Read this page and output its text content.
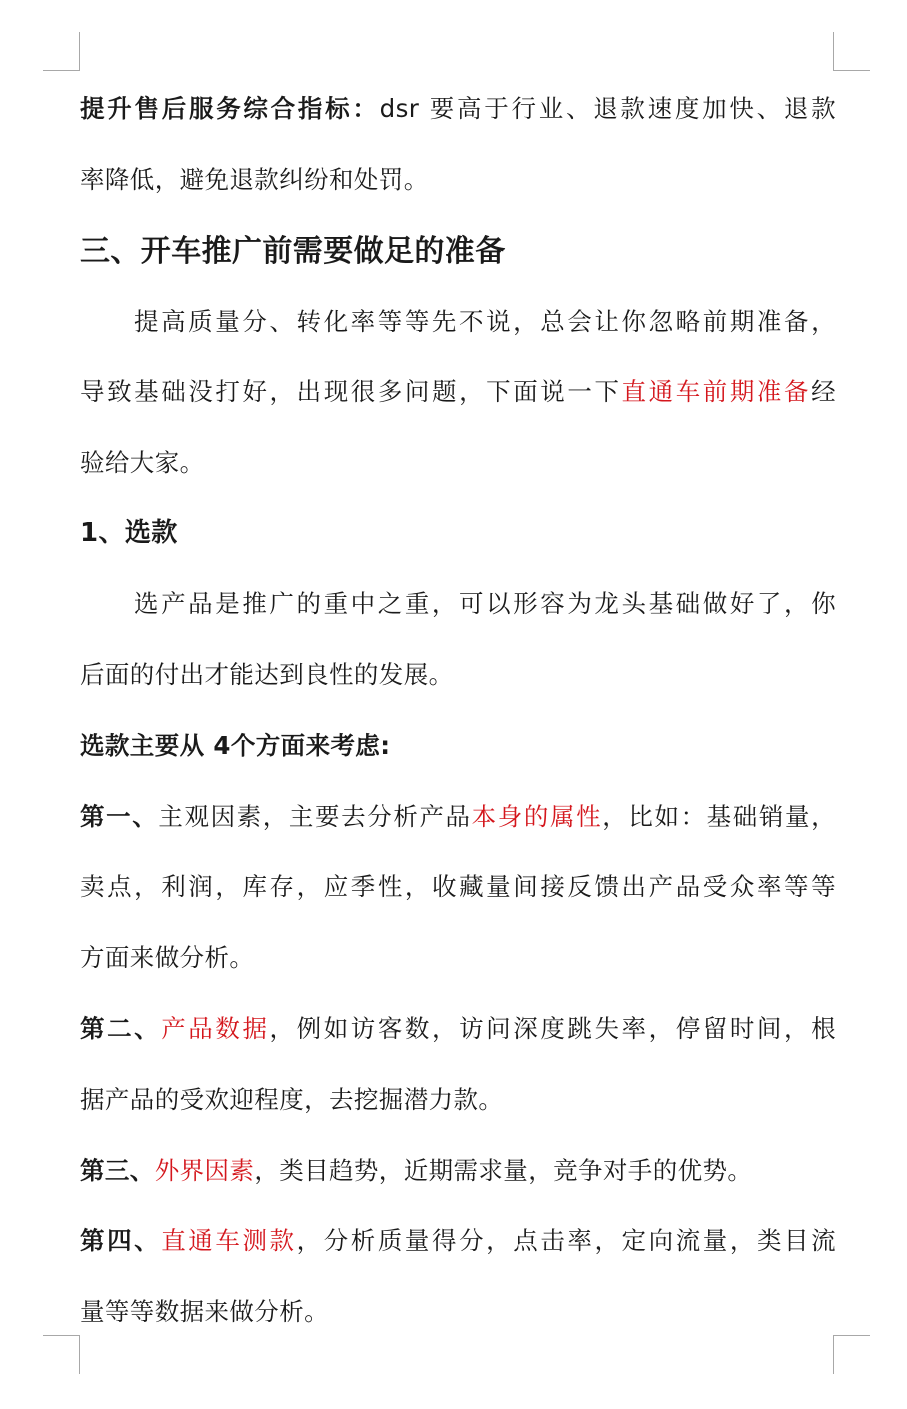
提升售后服务综合指标：dsr 要高于行业、退款速度加快、退款
率降低，避免退款纠纷和处罚。
三、开车推广前需要做足的准备
提高质量分、转化率等等先不说，总会让你忽略前期准备，
导致基础没打好，出现很多问题，下面说一下直通车前期准备经
验给大家。
1、选款
选产品是推广的重中之重，可以形容为龙头基础做好了，你
后面的付出才能达到良性的发展。
选款主要从 4个方面来考虑:
第一、主观因素，主要去分析产品本身的属性，比如：基础销量，
卖点，利润，库存，应季性，收藏量间接反馈出产品受众率等等
方面来做分析。
第二、产品数据，例如访客数，访问深度跳失率，停留时间，根
据产品的受欢迎程度，去挖掘潜力款。
第三、外界因素，类目趋势，近期需求量，竞争对手的优势。
第四、直通车测款，分析质量得分，点击率，定向流量，类目流
量等等数据来做分析。
